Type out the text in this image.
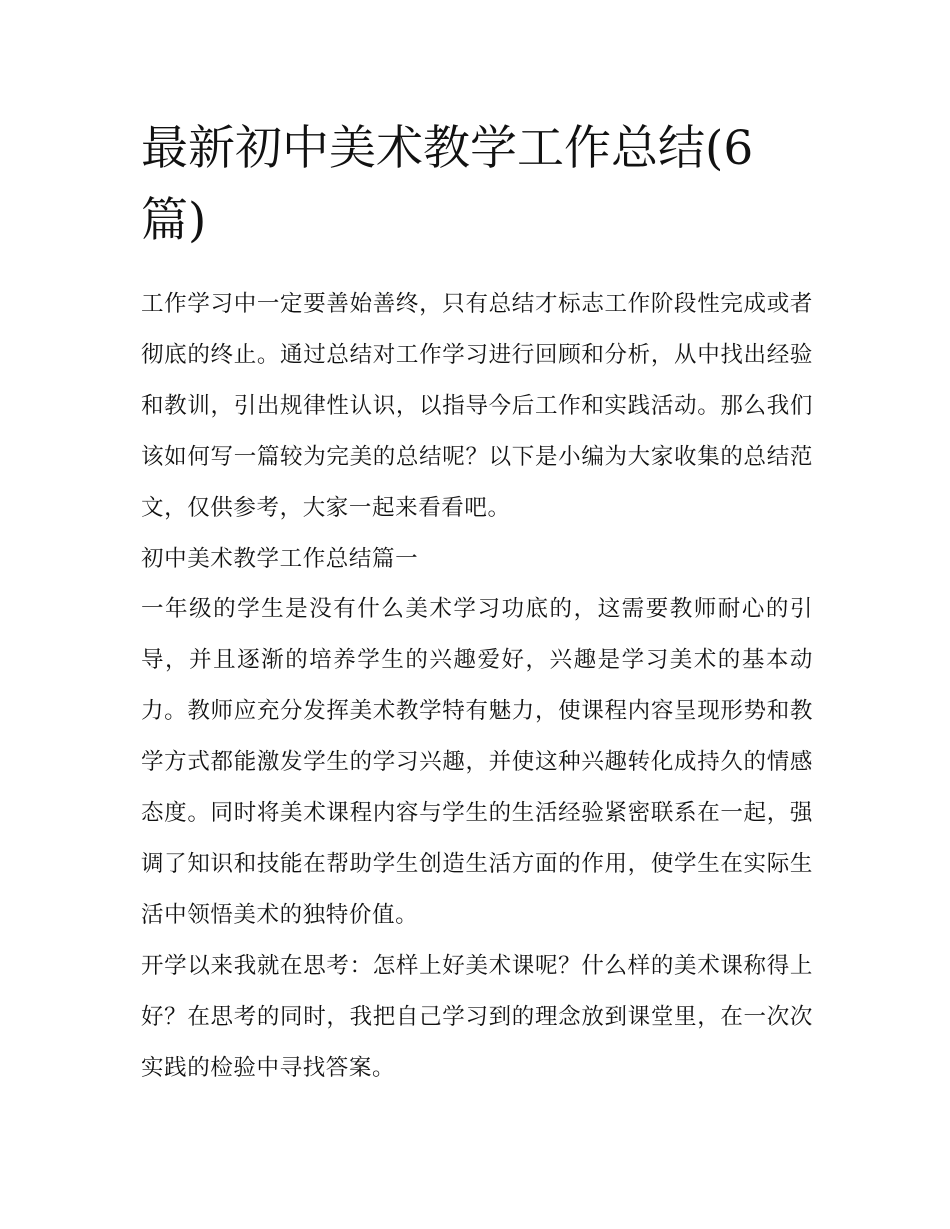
最新初中美术教学工作总结(6篇)

工作学习中一定要善始善终，只有总结才标志工作阶段性完成或者彻底的终止。通过总结对工作学习进行回顾和分析，从中找出经验和教训，引出规律性认识，以指导今后工作和实践活动。那么我们该如何写一篇较为完美的总结呢？以下是小编为大家收集的总结范文，仅供参考，大家一起来看看吧。

初中美术教学工作总结篇一

一年级的学生是没有什么美术学习功底的，这需要教师耐心的引导，并且逐渐的培养学生的兴趣爱好，兴趣是学习美术的基本动力。教师应充分发挥美术教学特有魅力，使课程内容呈现形势和教学方式都能激发学生的学习兴趣，并使这种兴趣转化成持久的情感态度。同时将美术课程内容与学生的生活经验紧密联系在一起，强调了知识和技能在帮助学生创造生活方面的作用，使学生在实际生活中领悟美术的独特价值。

开学以来我就在思考：怎样上好美术课呢？什么样的美术课称得上好？在思考的同时，我把自己学习到的理念放到课堂里，在一次次实践的检验中寻找答案。
